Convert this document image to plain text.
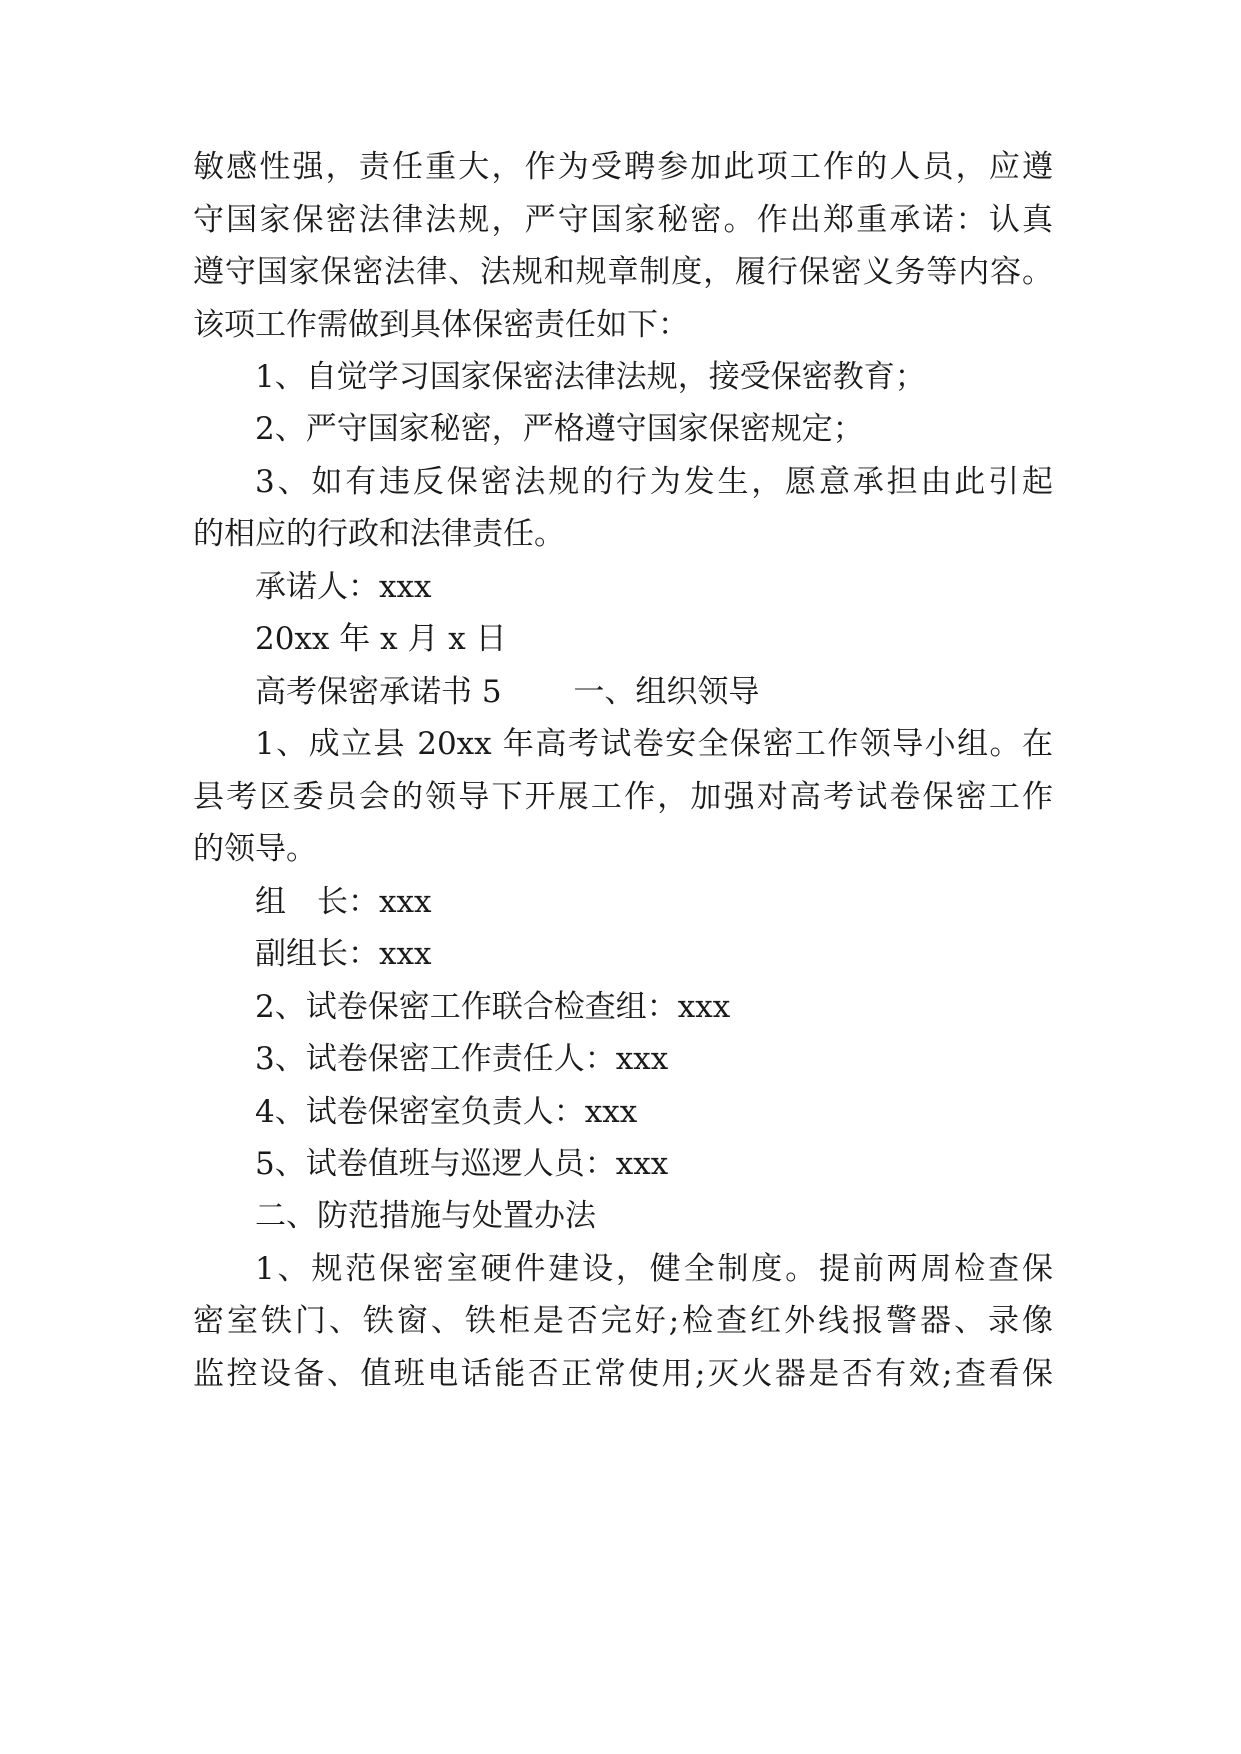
敏感性强，责任重大，作为受聘参加此项工作的人员，应遵
守国家保密法律法规，严守国家秘密。作出郑重承诺：认真
遵守国家保密法律、法规和规章制度，履行保密义务等内容。
该项工作需做到具体保密责任如下：
1、自觉学习国家保密法律法规，接受保密教育；
2、严守国家秘密，严格遵守国家保密规定；
3、如有违反保密法规的行为发生，愿意承担由此引起
的相应的行政和法律责任。
承诺人：xxx
20xx 年 x 月 x 日
高考保密承诺书 5　　 一、组织领导
1、成立县 20xx 年高考试卷安全保密工作领导小组。在
县考区委员会的领导下开展工作，加强对高考试卷保密工作
的领导。
组　长：xxx
副组长：xxx
2、试卷保密工作联合检查组：xxx
3、试卷保密工作责任人：xxx
4、试卷保密室负责人：xxx
5、试卷值班与巡逻人员：xxx
二、防范措施与处置办法
1、规范保密室硬件建设，健全制度。提前两周检查保
密室铁门、铁窗、铁柜是否完好;检查红外线报警器、录像
监控设备、值班电话能否正常使用;灭火器是否有效;查看保
